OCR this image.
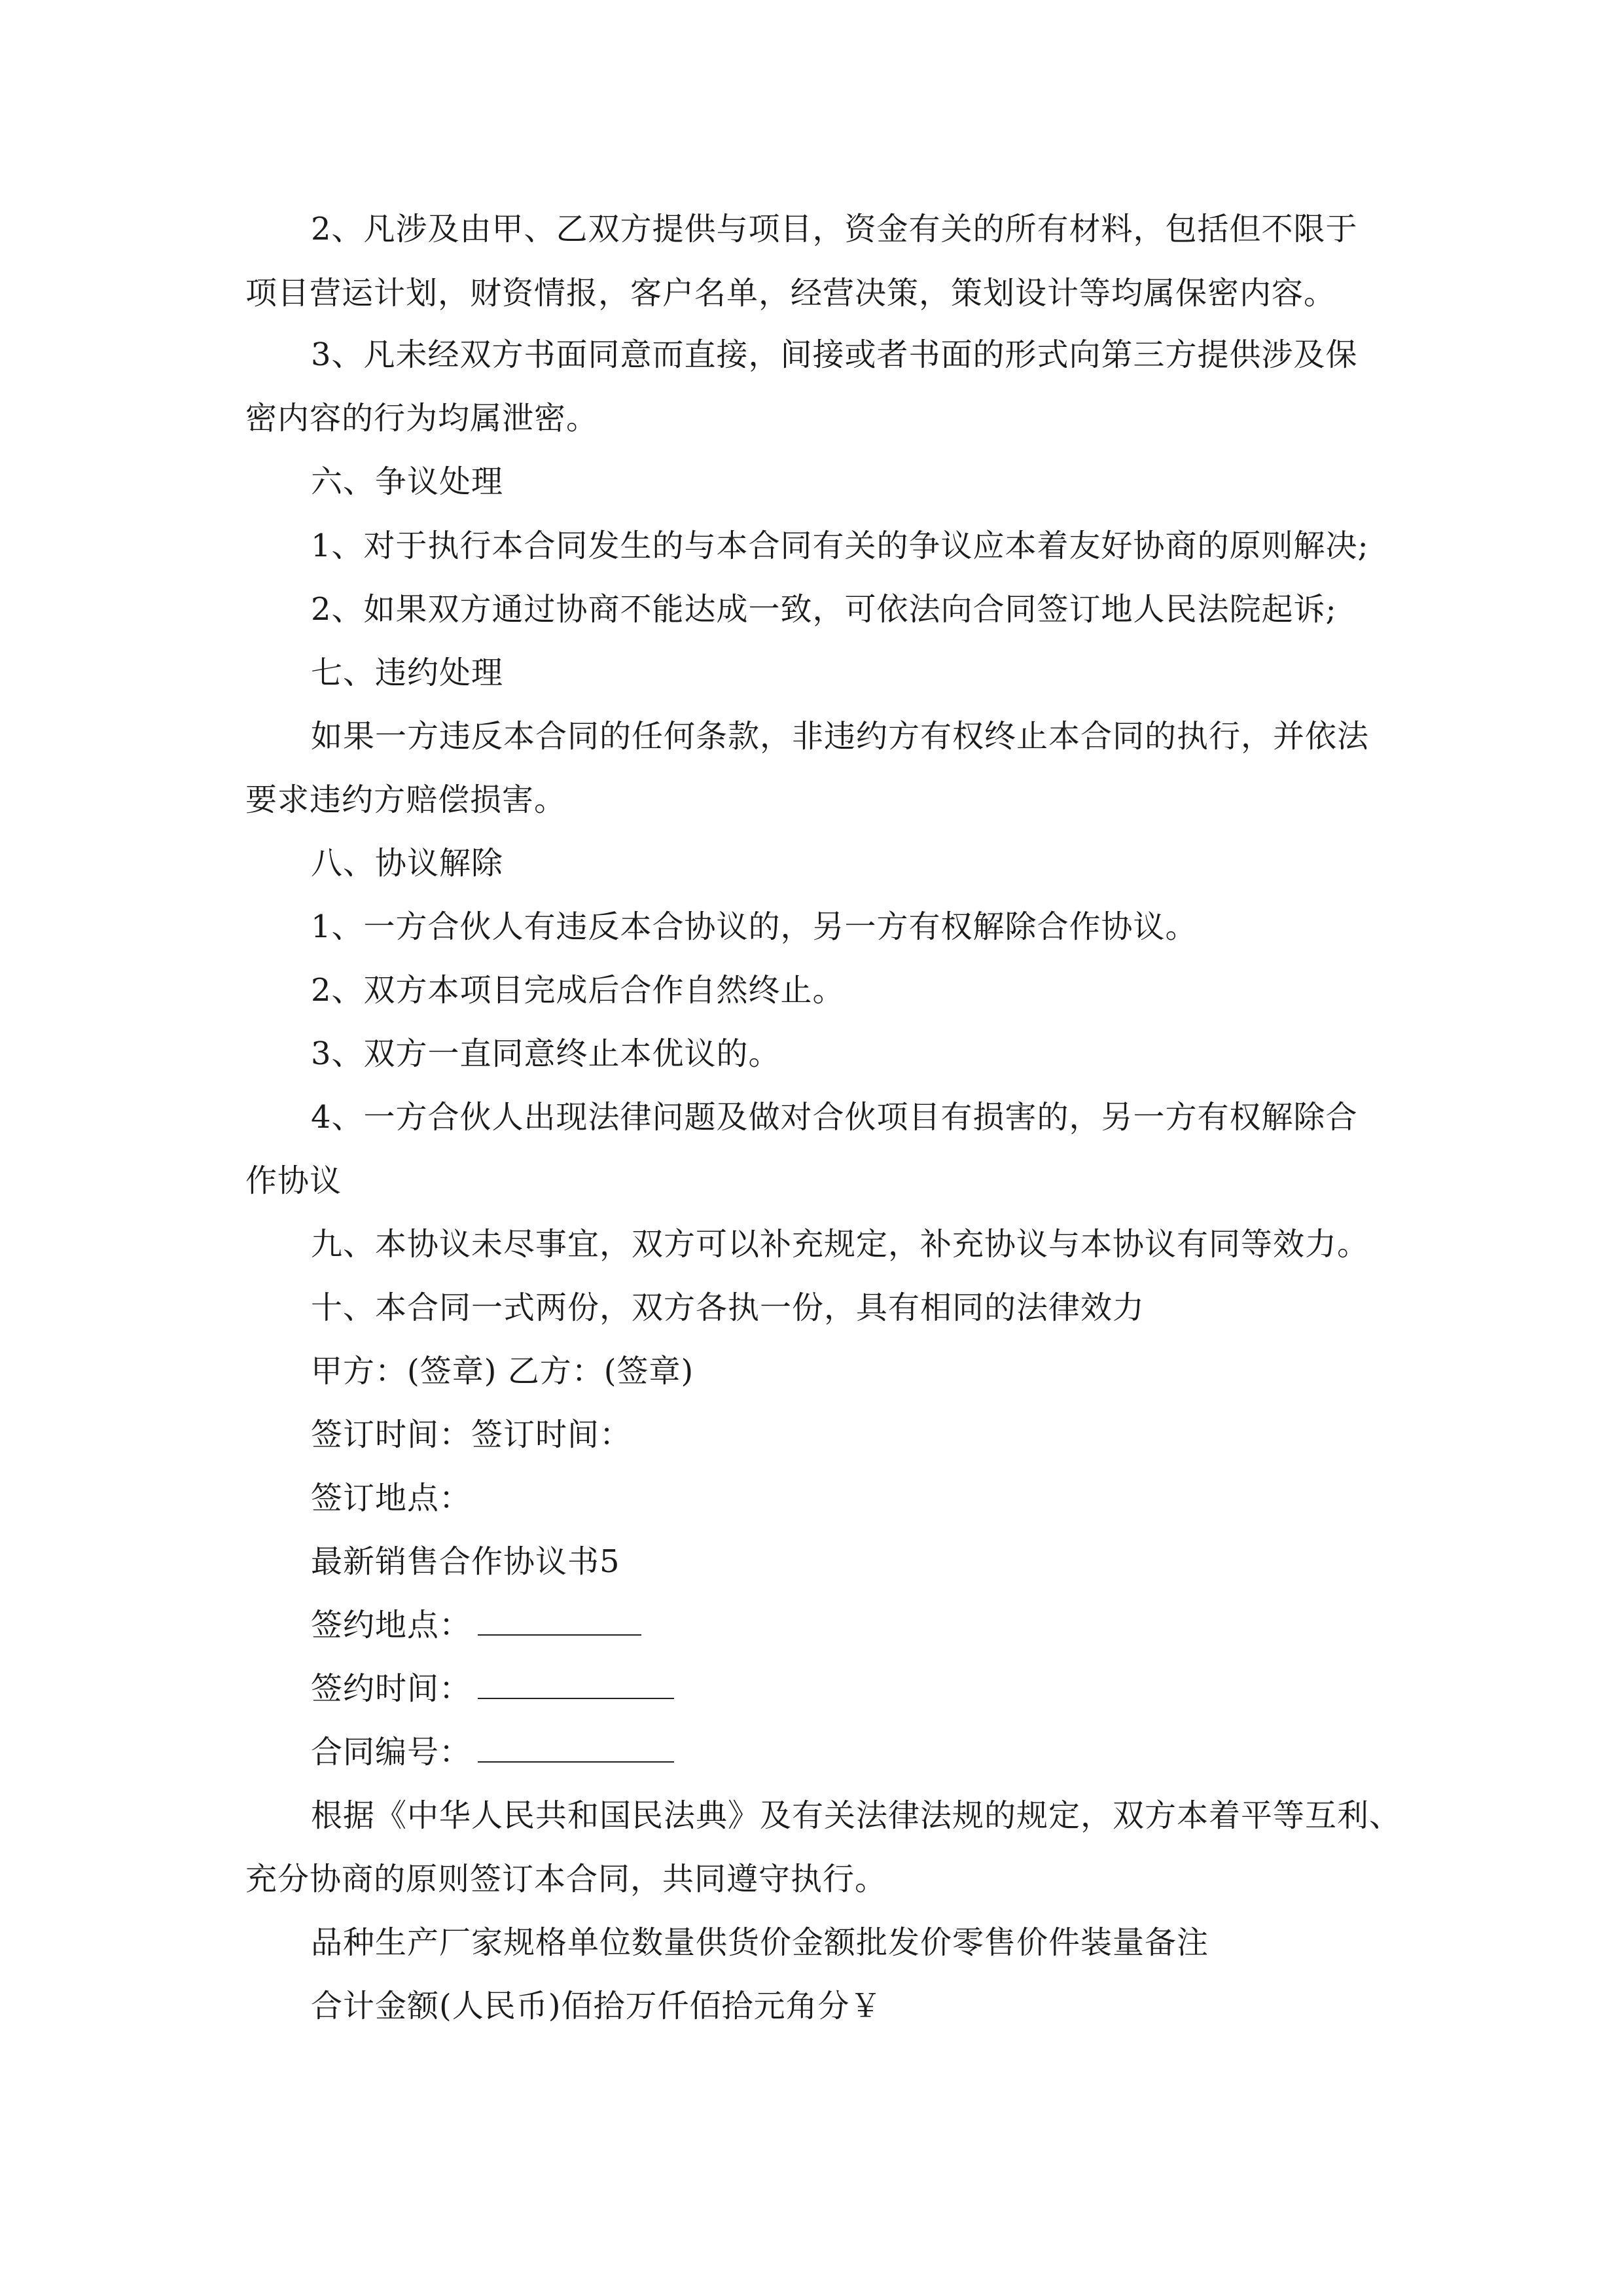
2、凡涉及由甲、乙双方提供与项目，资金有关的所有材料，包括但不限于
项目营运计划，财资情报，客户名单，经营决策，策划设计等均属保密内容。
3、凡未经双方书面同意而直接，间接或者书面的形式向第三方提供涉及保
密内容的行为均属泄密。
六、争议处理
1、对于执行本合同发生的与本合同有关的争议应本着友好协商的原则解决;
2、如果双方通过协商不能达成一致，可依法向合同签订地人民法院起诉;
七、违约处理
如果一方违反本合同的任何条款，非违约方有权终止本合同的执行，并依法
要求违约方赔偿损害。
八、协议解除
1、一方合伙人有违反本合协议的，另一方有权解除合作协议。
2、双方本项目完成后合作自然终止。
3、双方一直同意终止本优议的。
4、一方合伙人出现法律问题及做对合伙项目有损害的，另一方有权解除合
作协议
九、本协议未尽事宜，双方可以补充规定，补充协议与本协议有同等效力。
十、本合同一式两份，双方各执一份，具有相同的法律效力
甲方：(签章) 乙方：(签章)
签订时间：签订时间：
签订地点：
最新销售合作协议书5
签约地点：
签约时间：
合同编号：
根据《中华人民共和国民法典》及有关法律法规的规定，双方本着平等互利、
充分协商的原则签订本合同，共同遵守执行。
品种生产厂家规格单位数量供货价金额批发价零售价件装量备注
合计金额(人民币)佰拾万仟佰拾元角分￥
